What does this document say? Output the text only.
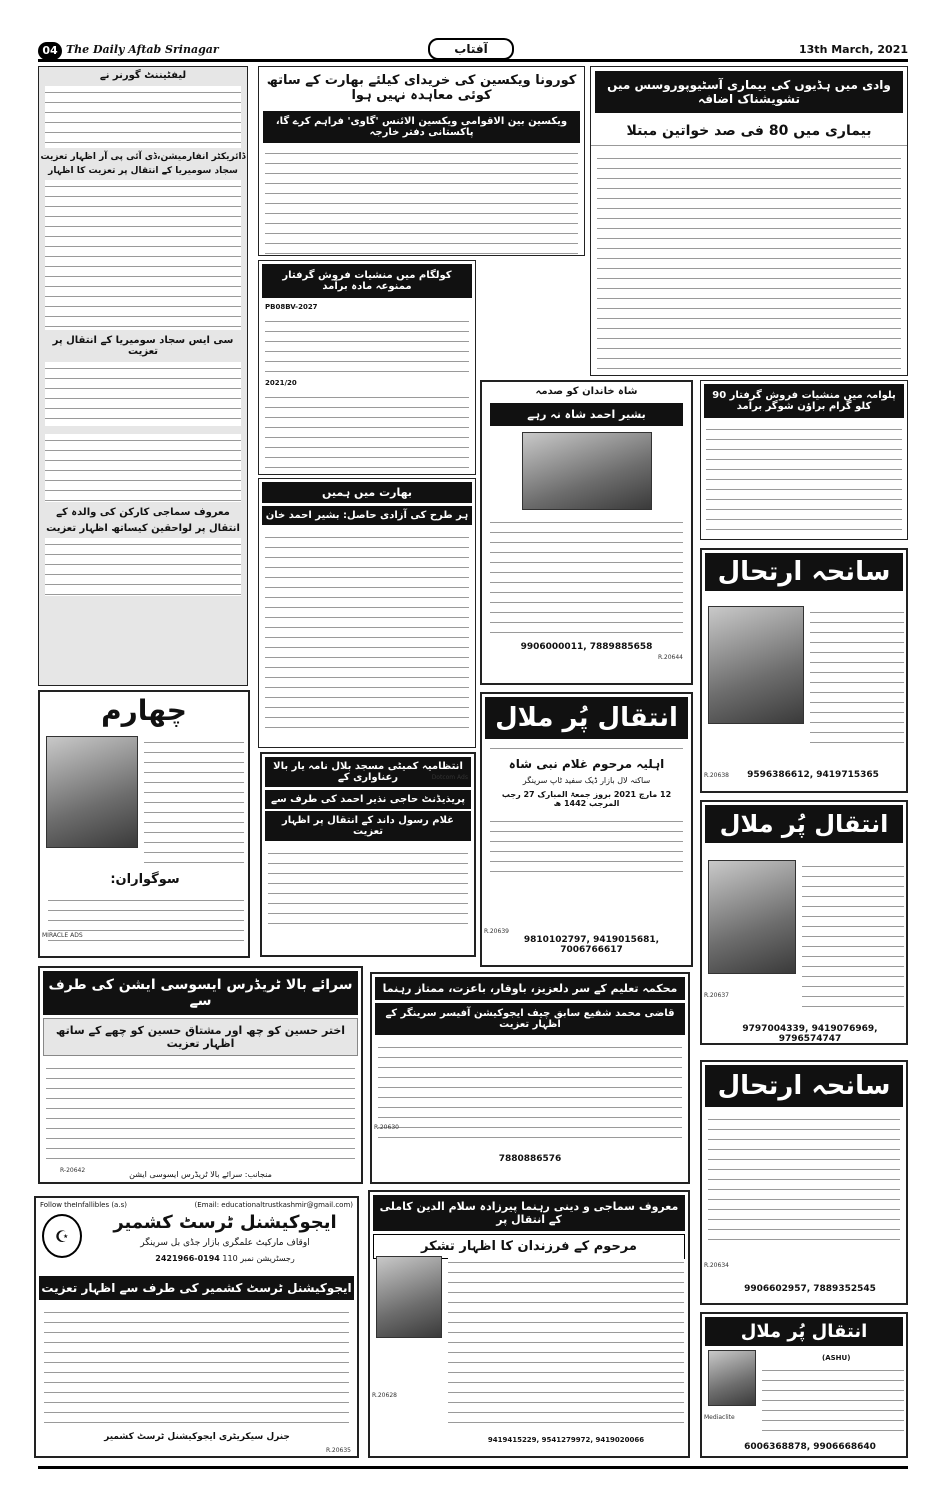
04 The Daily Aftab Srinagar	آفتاب	13th March, 2021
لیفٹیننٹ گورنر نے
ڈائریکٹر انفارمیشن،ڈی آئی پی آر اظہار تعزیت
سجاد سومیریا کے انتقال پر تعزیت کا اظہار
سی ایس سجاد سومیریا کے انتقال پر تعزیت
معروف سماجی کارکن کی والدہ کے
انتقال پر لواحقین کیساتھ اظہار تعزیت
کورونا ویکسین کی خریدای کیلئے بھارت کے ساتھ کوئی معاہدہ نہیں ہوا
ویکسین بین الاقوامی ویکسین الائنس 'گاوی' فراہم کرے گا، پاکستانی دفتر خارجہ
وادی میں ہڈیوں کی بیماری آسٹیوپوروسس میں تشویشناک اضافہ
بیماری میں 80 فی صد خواتین مبتلا
کولگام میں منشیات فروش گرفتار ممنوعہ مادہ برآمد
PB08BV-2027
2021/20
بھارت میں ہمیں
ہر طرح کی آزادی حاصل: بشیر احمد خان
شاہ خاندان کو صدمہ
بشیر احمد شاہ نہ رہے
9906000011, 7889885658
R.20644
پلوامہ میں منشیات فروش گرفتار 90 کلو گرام براؤن شوگر برآمد
سانحہ ارتحال
9596386612, 9419715365
R.20638
چھارم
سوگواران:
MIRACLE ADS
انتقال پُر ملال
اہلیہ مرحوم غلام نبی شاہ
ساکنہ لال بازار ڈیک سفید ٹاپ سرینگر
12 مارچ 2021 بروز جمعۃ المبارک 27 رجب المرجب 1442 ھ
9810102797, 9419015681, 7006766617
R.20639
انتقال پُر ملال
9797004339, 9419076969, 9796574747
R.20637
انتظامیہ کمیٹی مسجد بلال نامہ یار بالا رعناواری کے
پریذیڈنٹ حاجی نذیر احمد کی طرف سے
غلام رسول داند کے انتقال پر اظہار تعزیت
Dotcom Ads
سرائے بالا ٹریڈرس ایسوسی ایشن کی طرف سے
اختر حسین کو چھ اور مشتاق حسین کو چھے کے ساتھ اظہار تعزیت
منجانب: سرائے بالا ٹریڈرس ایسوسی ایشن
R-20642
محکمہ تعلیم کے سر دلعزیز، باوقار، باعزت، ممتاز رہنما
قاضی محمد شفیع سابق چیف ایجوکیشن آفیسر سرینگر کے اظہار تعزیت
7880886576
R.20630
سانحہ ارتحال
9906602957, 7889352545
R.20634
Follow theInfallibles (a.s)	(Email: educationaltrustkashmir@gmail.com)
☪
ایجوکیشنل ٹرسٹ کشمیر
اوقاف مارکیٹ علمگری بازار جڈی بل سرینگر
رجسٹریشن نمبر 110 0194-2421966
ایجوکیشنل ٹرسٹ کشمیر کی طرف سے اظہار تعزیت
جنرل سیکریٹری ایجوکیشنل ٹرسٹ کشمیر
R.20635
معروف سماجی و دینی رہنما پیرزادہ سلام الدین کاملی کے انتقال پر
مرحوم کے فرزندان کا اظہار تشکر
9419415229, 9541279972, 9419020066
R.20628
انتقال پُر ملال
(ASHU)
6006368878, 9906668640
Mediaclite
